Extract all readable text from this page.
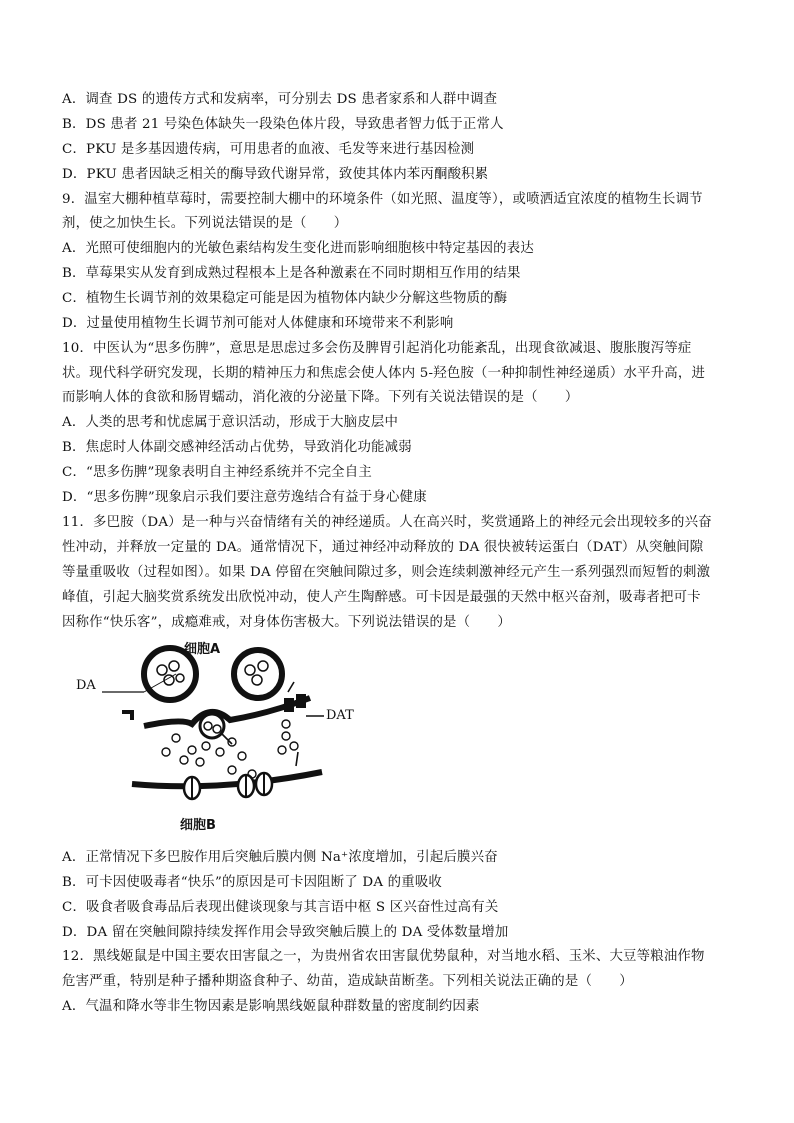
A．调查 DS 的遗传方式和发病率，可分别去 DS 患者家系和人群中调查
B．DS 患者 21 号染色体缺失一段染色体片段，导致患者智力低于正常人
C．PKU 是多基因遗传病，可用患者的血液、毛发等来进行基因检测
D．PKU 患者因缺乏相关的酶导致代谢异常，致使其体内苯丙酮酸积累
9．温室大棚种植草莓时，需要控制大棚中的环境条件（如光照、温度等），或喷洒适宜浓度的植物生长调节
剂，使之加快生长。下列说法错误的是（　　）
A．光照可使细胞内的光敏色素结构发生变化进而影响细胞核中特定基因的表达
B．草莓果实从发育到成熟过程根本上是各种激素在不同时期相互作用的结果
C．植物生长调节剂的效果稳定可能是因为植物体内缺少分解这些物质的酶
D．过量使用植物生长调节剂可能对人体健康和环境带来不利影响
10．中医认为“思多伤脾”，意思是思虑过多会伤及脾胃引起消化功能紊乱，出现食欲减退、腹胀腹泻等症
状。现代科学研究发现，长期的精神压力和焦虑会使人体内 5-羟色胺（一种抑制性神经递质）水平升高，进
而影响人体的食欲和肠胃蠕动，消化液的分泌量下降。下列有关说法错误的是（　　）
A．人类的思考和忧虑属于意识活动，形成于大脑皮层中
B．焦虑时人体副交感神经活动占优势，导致消化功能减弱
C．“思多伤脾”现象表明自主神经系统并不完全自主
D．“思多伤脾”现象启示我们要注意劳逸结合有益于身心健康
11．多巴胺（DA）是一种与兴奋情绪有关的神经递质。人在高兴时，奖赏通路上的神经元会出现较多的兴奋
性冲动，并释放一定量的 DA。通常情况下，通过神经冲动释放的 DA 很快被转运蛋白（DAT）从突触间隙
等量重吸收（过程如图）。如果 DA 停留在突触间隙过多，则会连续刺激神经元产生一系列强烈而短暂的刺激
峰值，引起大脑奖赏系统发出欣悦冲动，使人产生陶醉感。可卡因是最强的天然中枢兴奋剂，吸毒者把可卡
因称作“快乐客”，成瘾难戒，对身体伤害极大。下列说法错误的是（　　）
细胞A
DA
DAT
细胞B
A．正常情况下多巴胺作用后突触后膜内侧 Na⁺浓度增加，引起后膜兴奋
B．可卡因使吸毒者“快乐”的原因是可卡因阻断了 DA 的重吸收
C．吸食者吸食毒品后表现出健谈现象与其言语中枢 S 区兴奋性过高有关
D．DA 留在突触间隙持续发挥作用会导致突触后膜上的 DA 受体数量增加
12．黑线姬鼠是中国主要农田害鼠之一，为贵州省农田害鼠优势鼠种，对当地水稻、玉米、大豆等粮油作物
危害严重，特别是种子播种期盗食种子、幼苗，造成缺苗断垄。下列相关说法正确的是（　　）
A．气温和降水等非生物因素是影响黑线姬鼠种群数量的密度制约因素
